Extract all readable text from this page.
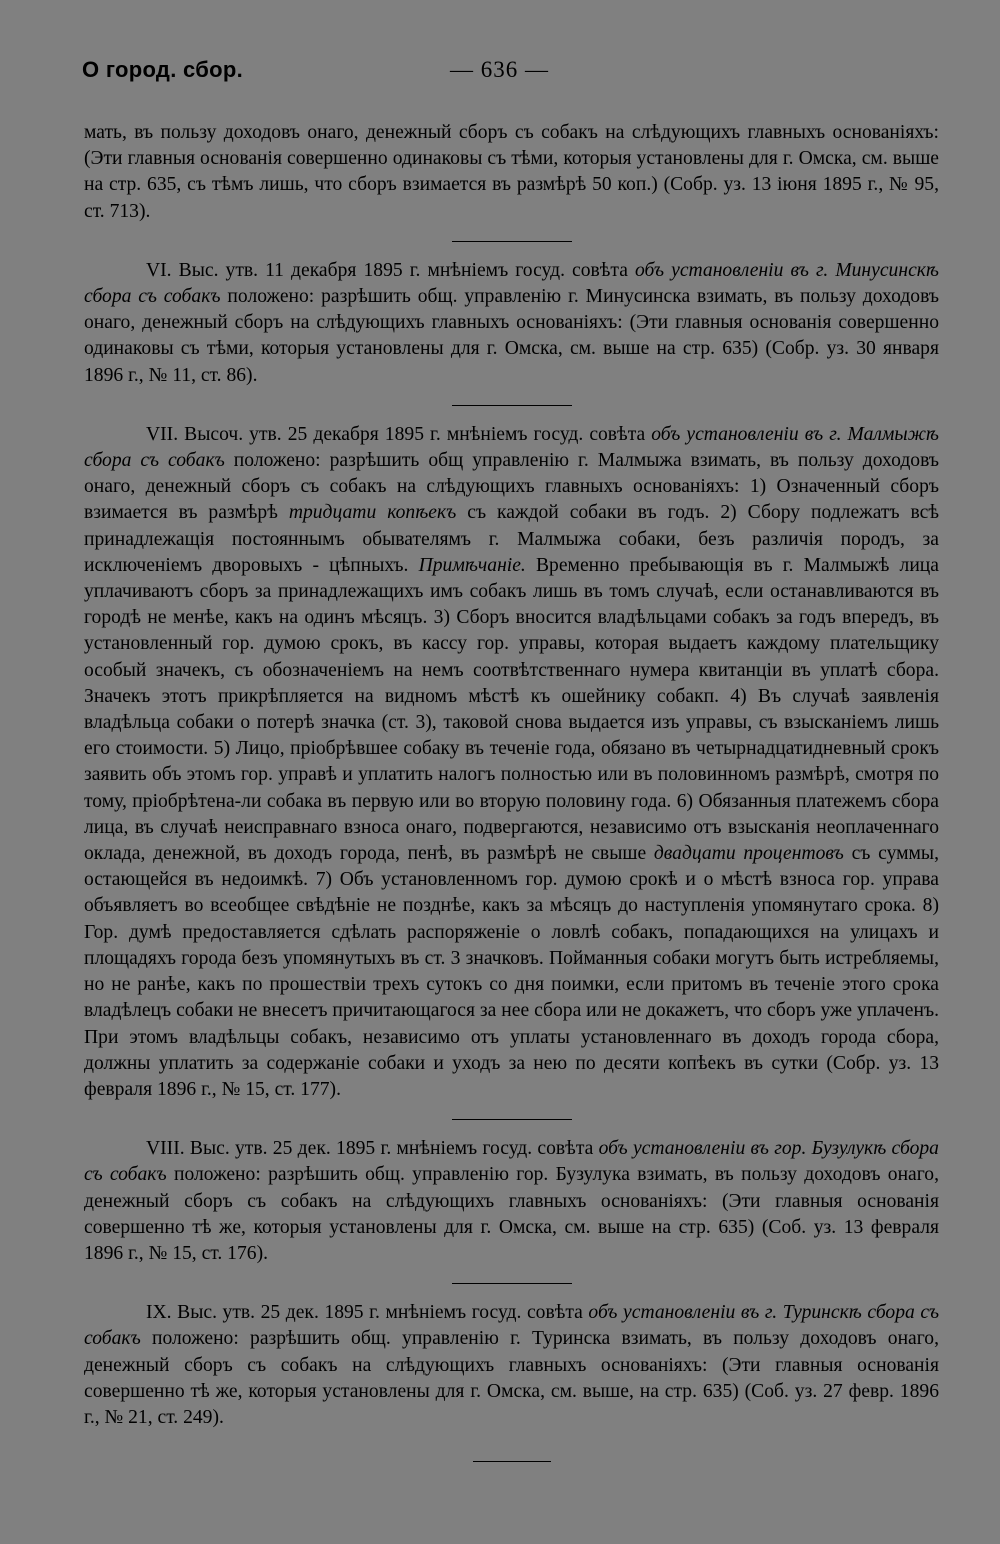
О город. сбор.	— 636 —

мать, въ пользу доходовъ онаго, денежный сборъ съ собакъ на слѣдующихъ главныхъ основаніяхъ: (Эти главныя основанія совершенно одинаковы съ тѣми, которыя установлены для г. Омска, см. выше на стр. 635, съ тѣмъ лишь, что сборъ взимается въ размѣрѣ 50 коп.) (Собр. уз. 13 іюня 1895 г., № 95, ст. 713).

VI. Выс. утв. 11 декабря 1895 г. мнѣніемъ госуд. совѣта объ установленіи въ г. Минусинскѣ сбора съ собакъ положено: разрѣшить общ. управленію г. Минусинска взимать, въ пользу доходовъ онаго, денежный сборъ на слѣдующихъ главныхъ основаніяхъ: (Эти главныя основанія совершенно одинаковы съ тѣми, которыя установлены для г. Омска, см. выше на стр. 635) (Собр. уз. 30 января 1896 г., № 11, ст. 86).

VII. Высоч. утв. 25 декабря 1895 г. мнѣніемъ госуд. совѣта объ установленіи въ г. Малмыжѣ сбора съ собакъ положено: разрѣшить общ управленію г. Малмыжа взимать, въ пользу доходовъ онаго, денежный сборъ съ собакъ на слѣдующихъ главныхъ основаніяхъ: 1) Означенный сборъ взимается въ размѣрѣ тридцати копѣекъ съ каждой собаки въ годъ. 2) Сбору подлежатъ всѣ принадлежащія постояннымъ обывателямъ г. Малмыжа собаки, безъ различія породъ, за исключеніемъ дворовыхъ - цѣпныхъ. Примѣчаніе. Временно пребывающія въ г. Малмыжѣ лица уплачиваютъ сборъ за принадлежащихъ имъ собакъ лишь въ томъ случаѣ, если останавливаются въ городѣ не менѣе, какъ на одинъ мѣсяцъ. 3) Сборъ вносится владѣльцами собакъ за годъ впередъ, въ установленный гор. думою срокъ, въ кассу гор. управы, которая выдаетъ каждому плательщику особый значекъ, съ обозначеніемъ на немъ соотвѣтственнаго нумера квитанціи въ уплатѣ сбора. Значекъ этотъ прикрѣпляется на видномъ мѣстѣ къ ошейнику собакп. 4) Въ случаѣ заявленія владѣльца собаки о потерѣ значка (ст. 3), таковой снова выдается изъ управы, съ взысканіемъ лишь его стоимости. 5) Лицо, пріобрѣвшее собаку въ теченіе года, обязано въ четырнадцатидневный срокъ заявить объ этомъ гор. управѣ и уплатить налогъ полностью или въ половинномъ размѣрѣ, смотря по тому, пріобрѣтена-ли собака въ первую или во вторую половину года. 6) Обязанныя платежемъ сбора лица, въ случаѣ неисправнаго взноса онаго, подвергаются, независимо отъ взысканія неоплаченнаго оклада, денежной, въ доходъ города, пенѣ, въ размѣрѣ не свыше двадцати процентовъ съ суммы, остающейся въ недоимкѣ. 7) Объ установленномъ гор. думою срокѣ и о мѣстѣ взноса гор. управа объявляетъ во всеобщее свѣдѣніе не позднѣе, какъ за мѣсяцъ до наступленія упомянутаго срока. 8) Гор. думѣ предоставляется сдѣлать распоряженіе о ловлѣ собакъ, попадающихся на улицахъ и площадяхъ города безъ упомянутыхъ въ ст. 3 значковъ. Пойманныя собаки могутъ быть истребляемы, но не ранѣе, какъ по прошествіи трехъ сутокъ со дня поимки, если притомъ въ теченіе этого срока владѣлецъ собаки не внесетъ причитающагося за нее сбора или не докажетъ, что сборъ уже уплаченъ. При этомъ владѣльцы собакъ, независимо отъ уплаты установленнаго въ доходъ города сбора, должны уплатить за содержаніе собаки и уходъ за нею по десяти копѣекъ въ сутки (Собр. уз. 13 февраля 1896 г., № 15, ст. 177).

VIII. Выс. утв. 25 дек. 1895 г. мнѣніемъ госуд. совѣта объ установленіи въ гор. Бузулукѣ сбора съ собакъ положено: разрѣшить общ. управленію гор. Бузулука взимать, въ пользу доходовъ онаго, денежный сборъ съ собакъ на слѣдующихъ главныхъ основаніяхъ: (Эти главныя основанія совершенно тѣ же, которыя установлены для г. Омска, см. выше на стр. 635) (Соб. уз. 13 февраля 1896 г., № 15, ст. 176).

IX. Выс. утв. 25 дек. 1895 г. мнѣніемъ госуд. совѣта объ установленіи въ г. Туринскѣ сбора съ собакъ положено: разрѣшить общ. управленію г. Туринска взимать, въ пользу доходовъ онаго, денежный сборъ съ собакъ на слѣдующихъ главныхъ основаніяхъ: (Эти главныя основанія совершенно тѣ же, которыя установлены для г. Омска, см. выше, на стр. 635) (Соб. уз. 27 февр. 1896 г., № 21, ст. 249).
